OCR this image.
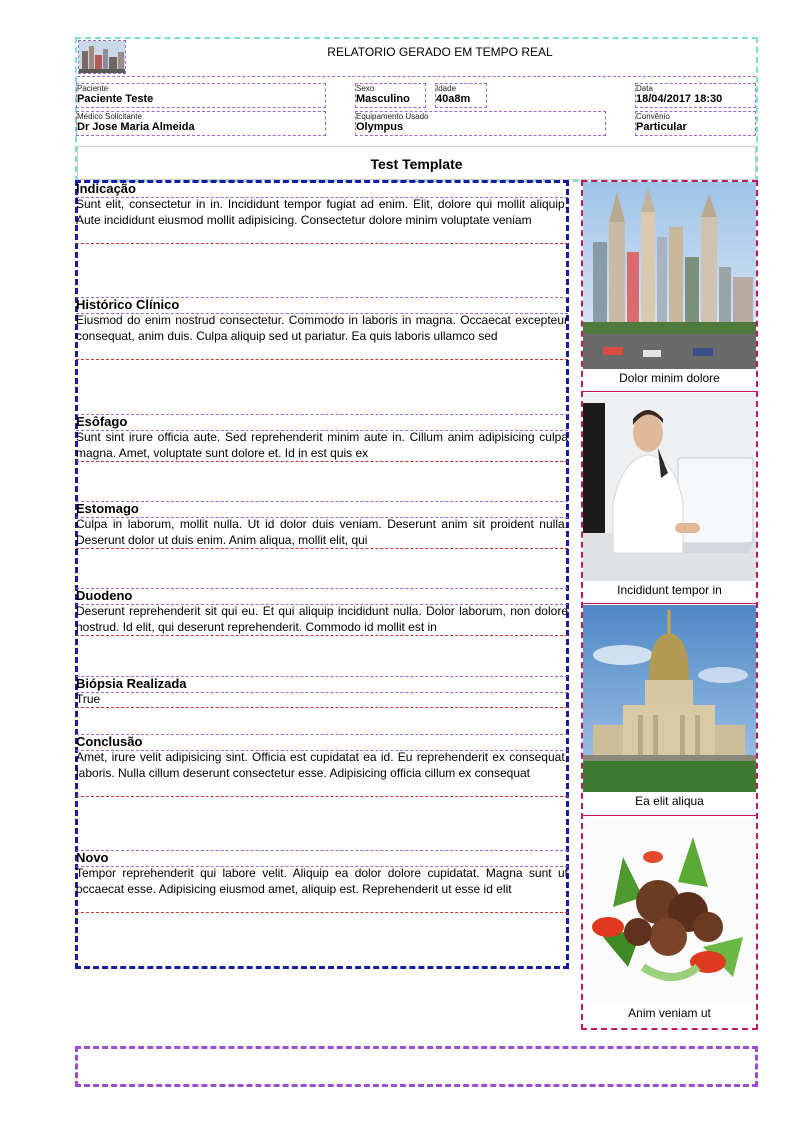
RELATORIO GERADO EM TEMPO REAL
Paciente
Paciente Teste
Sexo
Masculino
Idade
40a8m
Data
18/04/2017 18:30
Médico Solicitante
Dr Jose Maria Almeida
Equipamento Usado
Olympus
Convênio
Particular
Test Template
Indicação
Sunt elit, consectetur in in. Incididunt tempor fugiat ad enim. Elit, dolore qui mollit aliquip. Aute incididunt eiusmod mollit adipisicing. Consectetur dolore minim voluptate veniam
Histórico Clínico
Eiusmod do enim nostrud consectetur. Commodo in laboris in magna. Occaecat excepteur consequat, anim duis. Culpa aliquip sed ut pariatur. Ea quis laboris ullamco sed
Esôfago
Sunt sint irure officia aute. Sed reprehenderit minim aute in. Cillum anim adipisicing culpa magna. Amet, voluptate sunt dolore et. Id in est quis ex
Estomago
Culpa in laborum, mollit nulla. Ut id dolor duis veniam. Deserunt anim sit proident nulla. Deserunt dolor ut duis enim. Anim aliqua, mollit elit, qui
Duodeno
Deserunt reprehenderit sit qui eu. Et qui aliquip incididunt nulla. Dolor laborum, non dolore nostrud. Id elit, qui deserunt reprehenderit. Commodo id mollit est in
Biópsia Realizada
True
Conclusão
Amet, irure velit adipisicing sint. Officia est cupidatat ea id. Eu reprehenderit ex consequat, laboris. Nulla cillum deserunt consectetur esse. Adipisicing officia cillum ex consequat
Novo
Tempor reprehenderit qui labore velit. Aliquip ea dolor dolore cupidatat. Magna sunt ut occaecat esse. Adipisicing eiusmod amet, aliquip est. Reprehenderit ut esse id elit
Dolor minim dolore
Incididunt tempor in
Ea elit aliqua
Anim veniam ut
